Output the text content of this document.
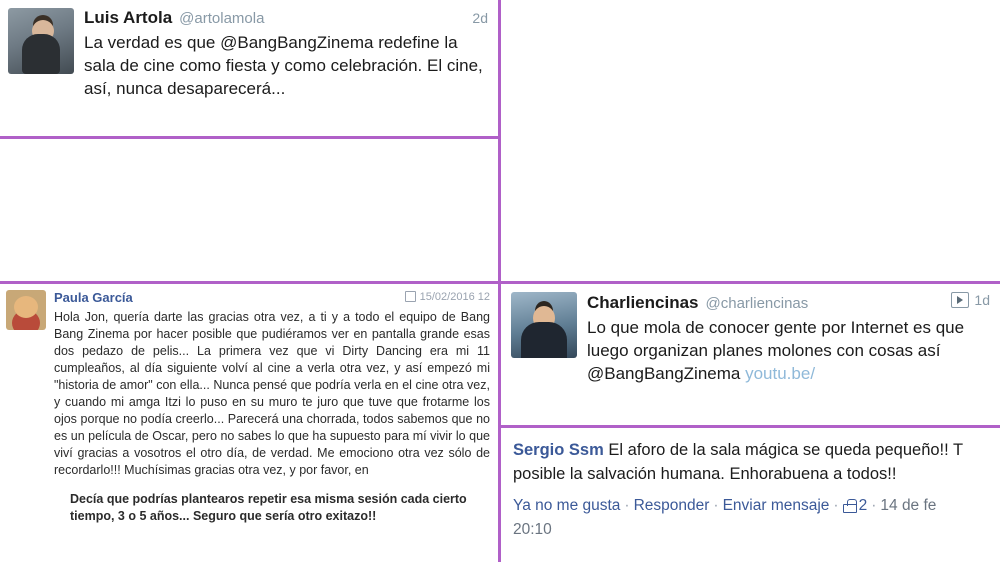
Luis Artola @artolamola	2d
La verdad es que @BangBangZinema redefine la sala de cine como fiesta y como celebración. El cine, así, nunca desaparecerá...
Paula García	15/02/2016 12
Hola Jon, quería darte las gracias otra vez, a ti y a todo el equipo de Bang Bang Zinema por hacer posible que pudiéramos ver en pantalla grande esas dos pedazo de pelis... La primera vez que vi Dirty Dancing era mi 11 cumpleaños, al día siguiente volví al cine a verla otra vez, y así empezó mi "historia de amor" con ella... Nunca pensé que podría verla en el cine otra vez, y cuando mi amga Itzi lo puso en su muro te juro que tuve que frotarme los ojos porque no podía creerlo... Parecerá una chorrada, todos sabemos que no es un película de Oscar, pero no sabes lo que ha supuesto para mí vivir lo que viví gracias a vosotros el otro día, de verdad. Me emociono otra vez sólo de recordarlo!!! Muchísimas gracias otra vez, y por favor, en
Decía que podrías plantearos repetir esa misma sesión cada cierto tiempo, 3 o 5 años... Seguro que sería otro exitazo!!
Charliencinas @charliencinas	1d
Lo que mola de conocer gente por Internet es que luego organizan planes molones con cosas así @BangBangZinema youtu.be/
Sergio Ssm El aforo de la sala mágica se queda pequeño!! T posible la salvación humana. Enhorabuena a todos!!
Ya no me gusta · Responder · Enviar mensaje · 2 · 14 de fe
20:10
